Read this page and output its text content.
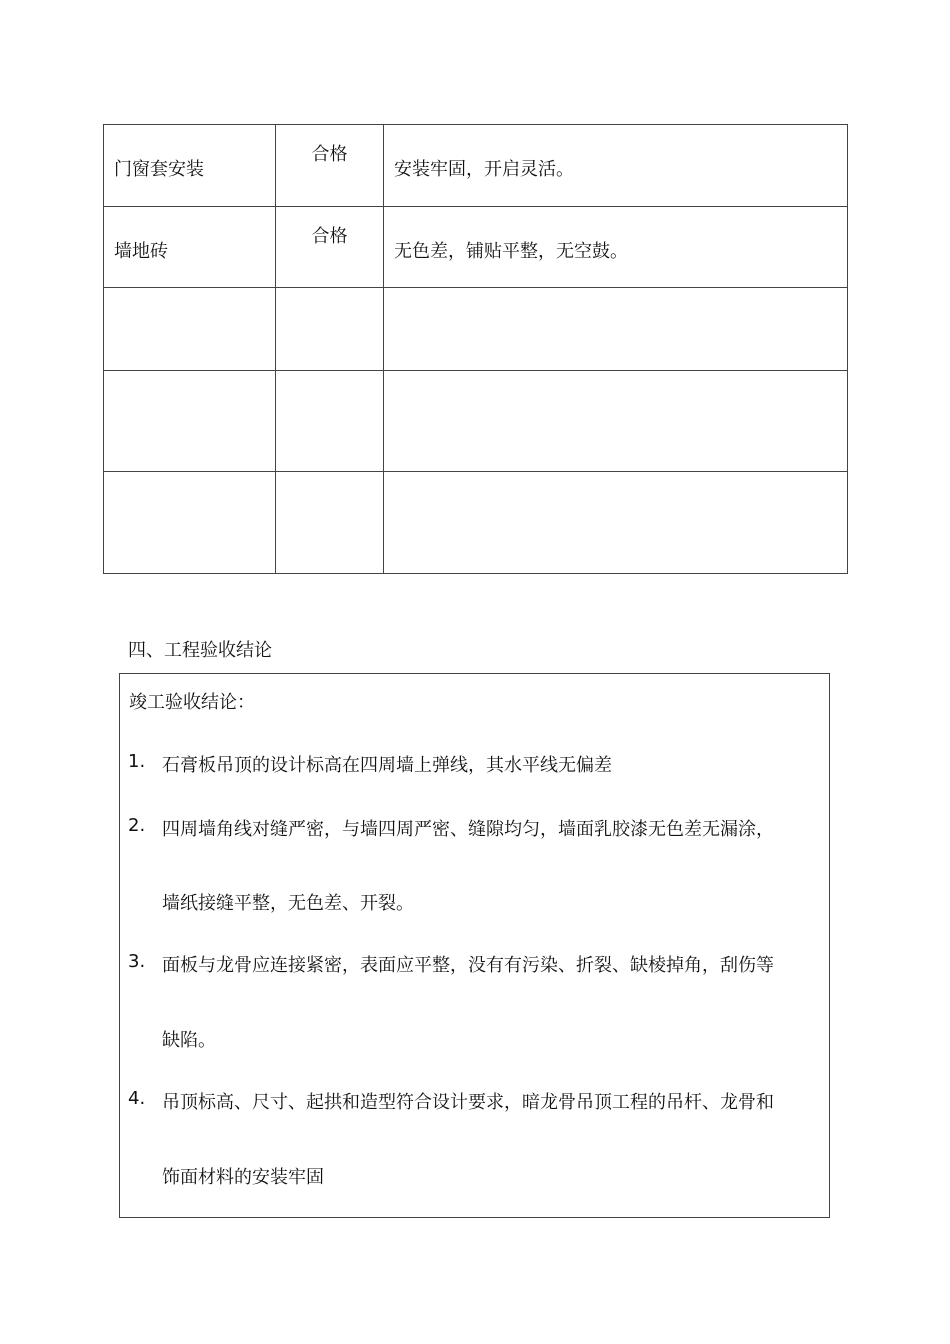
门窗套安装	合格	安装牢固，开启灵活。

墙地砖	合格	无色差，铺贴平整，无空鼓。

四、工程验收结论
竣工验收结论：
1. 石膏板吊顶的设计标高在四周墙上弹线，其水平线无偏差
2. 四周墙角线对缝严密，与墙四周严密、缝隙均匀，墙面乳胶漆无色差无漏涂，
墙纸接缝平整，无色差、开裂。
3. 面板与龙骨应连接紧密，表面应平整，没有有污染、折裂、缺棱掉角，刮伤等
缺陷。
4. 吊顶标高、尺寸、起拱和造型符合设计要求，暗龙骨吊顶工程的吊杆、龙骨和
饰面材料的安装牢固
